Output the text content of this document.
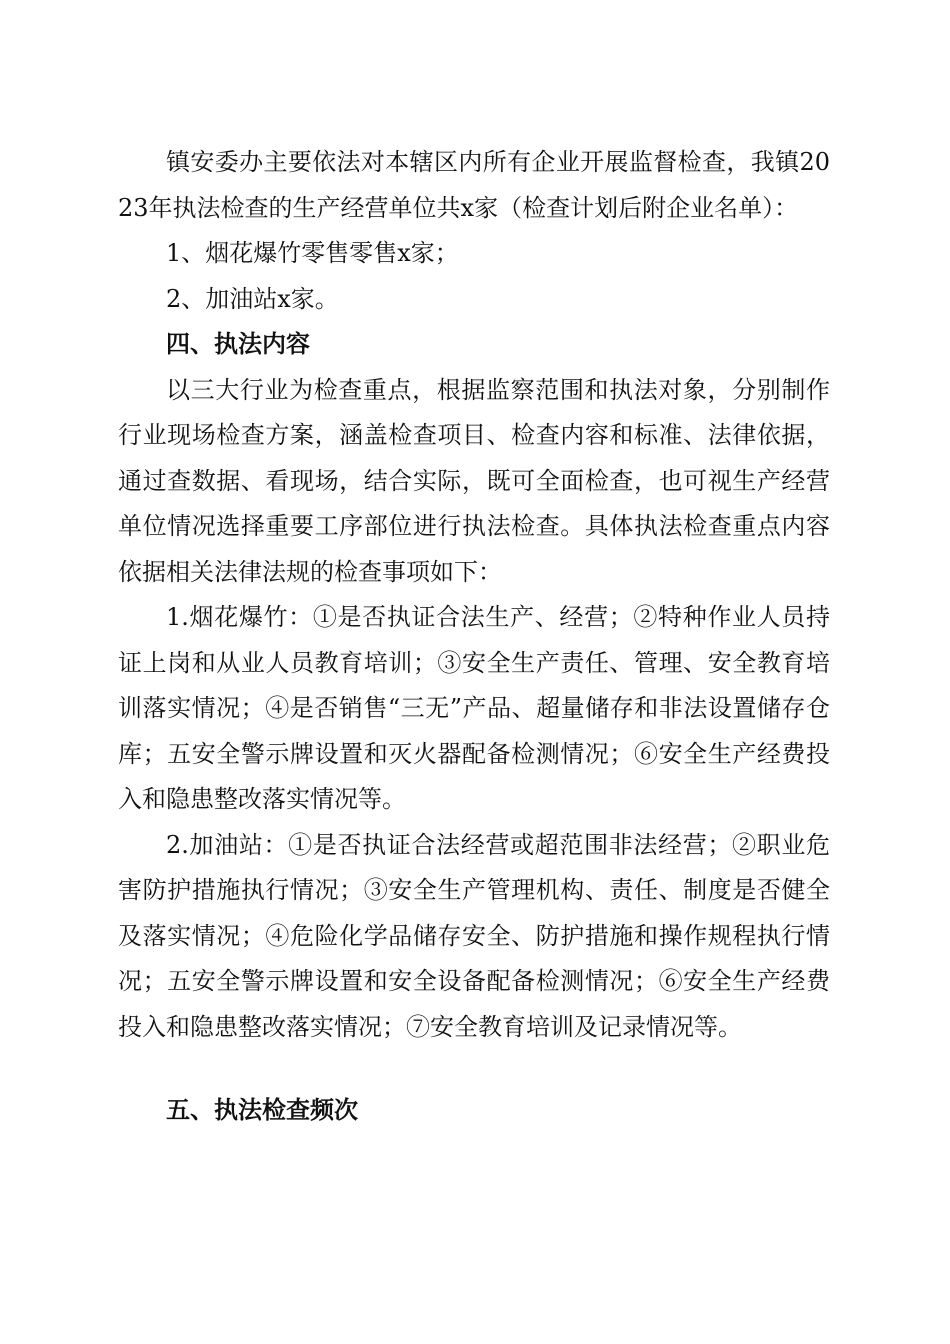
镇安委办主要依法对本辖区内所有企业开展监督检查，我镇2023年执法检查的生产经营单位共x家（检查计划后附企业名单）：

1、烟花爆竹零售零售x家；

2、加油站x家。

四、执法内容

以三大行业为检查重点，根据监察范围和执法对象，分别制作行业现场检查方案，涵盖检查项目、检查内容和标准、法律依据，通过查数据、看现场，结合实际，既可全面检查，也可视生产经营单位情况选择重要工序部位进行执法检查。具体执法检查重点内容依据相关法律法规的检查事项如下：

1.烟花爆竹：①是否执证合法生产、经营；②特种作业人员持证上岗和从业人员教育培训；③安全生产责任、管理、安全教育培训落实情况；④是否销售“三无”产品、超量储存和非法设置储存仓库；五安全警示牌设置和灭火器配备检测情况；⑥安全生产经费投入和隐患整改落实情况等。

2.加油站：①是否执证合法经营或超范围非法经营；②职业危害防护措施执行情况；③安全生产管理机构、责任、制度是否健全及落实情况；④危险化学品储存安全、防护措施和操作规程执行情况；五安全警示牌设置和安全设备配备检测情况；⑥安全生产经费投入和隐患整改落实情况；⑦安全教育培训及记录情况等。

五、执法检查频次
